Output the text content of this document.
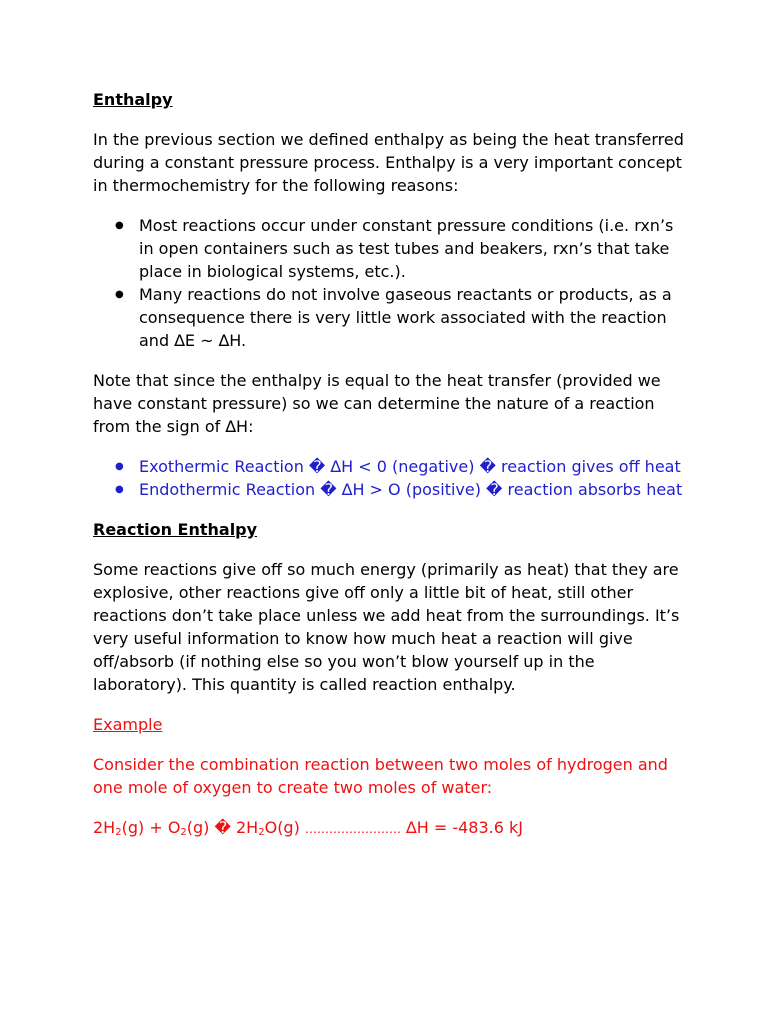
Enthalpy
In the previous section we defined enthalpy as being the heat transferred during a constant pressure process. Enthalpy is a very important concept in thermochemistry for the following reasons:
● Most reactions occur under constant pressure conditions (i.e. rxn’s in open containers such as test tubes and beakers, rxn’s that take place in biological systems, etc.).
● Many reactions do not involve gaseous reactants or products, as a consequence there is very little work associated with the reaction and ∆E ~ ∆H.
Note that since the enthalpy is equal to the heat transfer (provided we have constant pressure) so we can determine the nature of a reaction from the sign of ∆H:
● Exothermic Reaction � ∆H < 0 (negative) � reaction gives off heat
● Endothermic Reaction � ∆H > O (positive) � reaction absorbs heat
Reaction Enthalpy
Some reactions give off so much energy (primarily as heat) that they are explosive, other reactions give off only a little bit of heat, still other reactions don’t take place unless we add heat from the surroundings. It’s very useful information to know how much heat a reaction will give off/absorb (if nothing else so you won’t blow yourself up in the laboratory). This quantity is called reaction enthalpy.
Example
Consider the combination reaction between two moles of hydrogen and one mole of oxygen to create two moles of water:
$2H_2(g) + O_2(g)$ � $2H_2O(g)$ …………………… ∆H = -483.6 kJ
